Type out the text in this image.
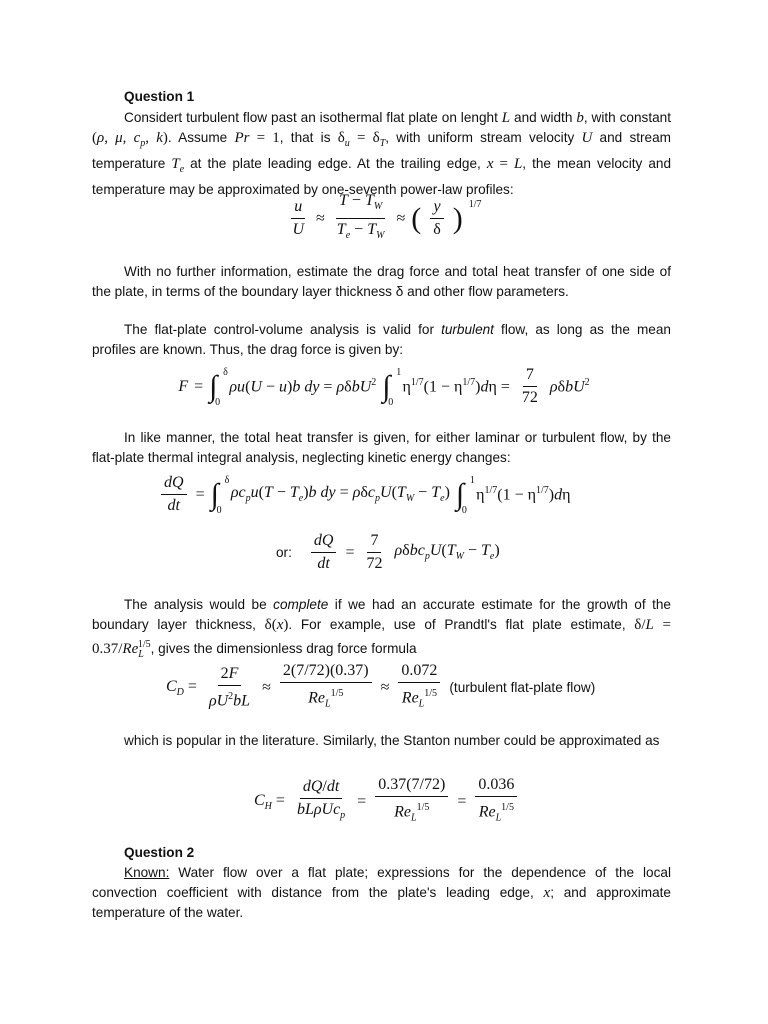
Question 1
Considert turbulent flow past an isothermal flat plate on lenght L and width b, with constant (ρ, μ, $c_p$, k). Assume Pr = 1, that is $\delta_u = \delta_T$, with uniform stream velocity U and stream temperature $T_e$ at the plate leading edge. At the trailing edge, x = L, the mean velocity and temperature may be approximated by one-seventh power-law profiles:
$\frac{u}{U} \approx \frac{T - T_W}{T_e - T_W}$ ≈ ( $\frac{y}{\delta}$ ) $^{1/7}$
With no further information, estimate the drag force and total heat transfer of one side of the plate, in terms of the boundary layer thickness δ and other flow parameters.
The flat-plate control-volume analysis is valid for turbulent flow, as long as the mean profiles are known. Thus, the drag force is given by:
F = ∫ δ
0
ρu(U − u)b dy = ρδbU$^2$ ∫ 1
0
$\eta^{1/7}(1 - \eta^{1/7})d\eta = \frac{7}{72} \rho\delta bU^2$
In like manner, the total heat transfer is given, for either laminar or turbulent flow, by the flat-plate thermal integral analysis, neglecting kinetic energy changes:
$\frac{dQ}{dt}$ = ∫ δ
0
$\rho c_pu(T - T_e)b$ dy = $\rho\delta c_pU(T_W - T_e)$ ∫ 1
0
$\eta^{1/7}(1 - \eta^{1/7})d\eta$
or: $\frac{dQ}{dt} = \frac{7}{72} \rho\delta bc_pU(T_W - T_e)$
The analysis would be complete if we had an accurate estimate for the growth of the boundary layer thickness, δ(x). For example, use of Prandtl's flat plate estimate, $\delta/L = 0.37/Re_L^{1/5}$, gives the dimensionless drag force formula
$C_D = \frac{2F}{\rho U^2bL} \approx \frac{2(7/72)(0.37)}{Re_L^{1/5}} \approx \frac{0.072}{Re_L^{1/5}}$ (turbulent flat-plate flow)
which is popular in the literature. Similarly, the Stanton number could be approximated as
$C_H = \frac{dQ/dt}{bL\rho Uc_p} = \frac{0.37(7/72)}{Re_L^{1/5}} = \frac{0.036}{Re_L^{1/5}}$
Question 2
Known: Water flow over a flat plate; expressions for the dependence of the local convection coefficient with distance from the plate's leading edge, x; and approximate temperature of the water.
